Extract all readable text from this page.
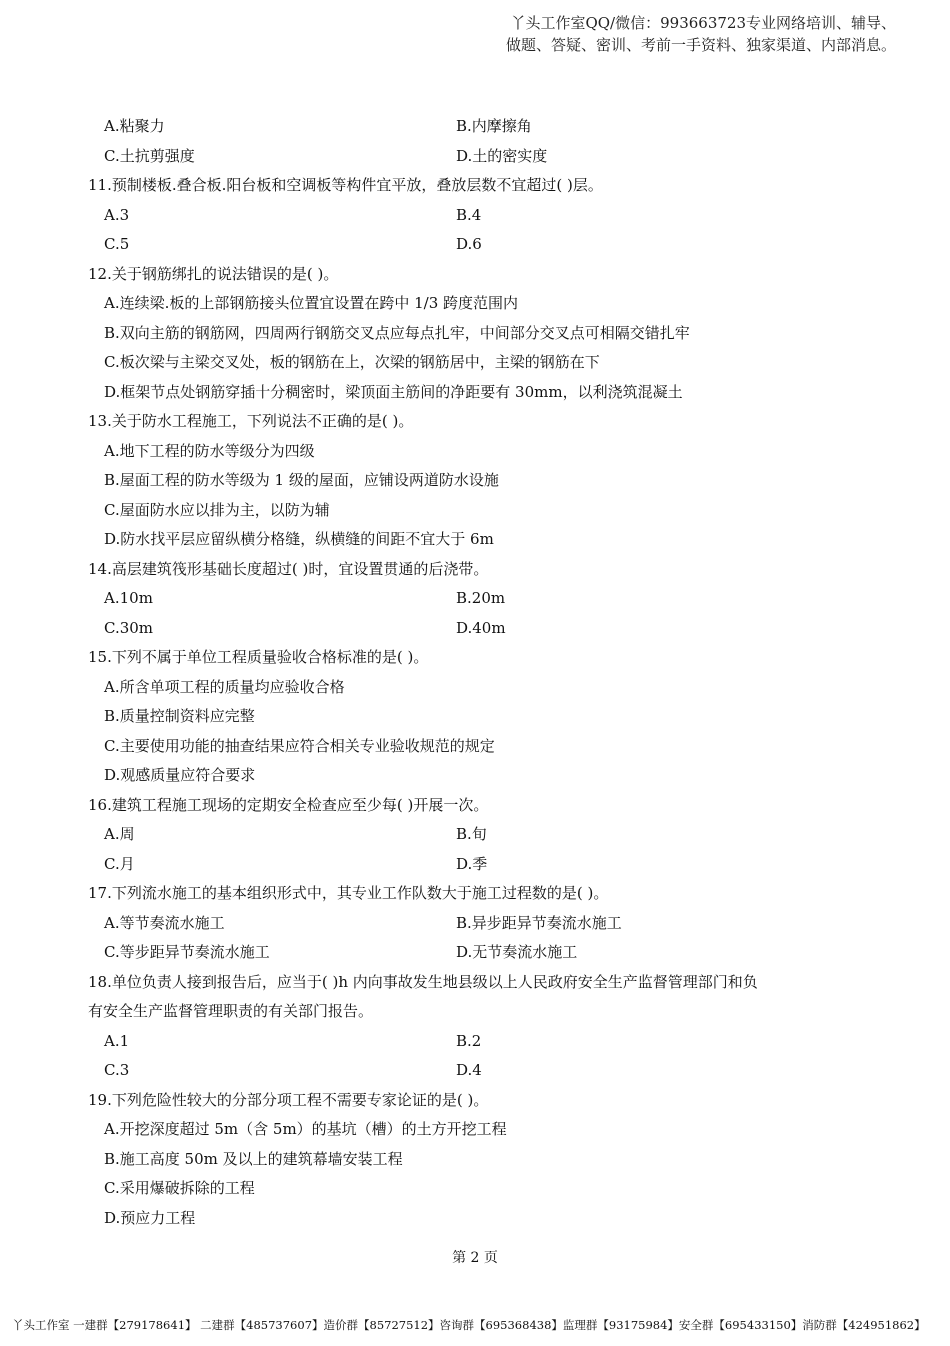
丫头工作室QQ/微信：993663723专业网络培训、辅导、
做题、答疑、密训、考前一手资料、独家渠道、内部消息。
A.粘聚力	B.内摩擦角
C.土抗剪强度	D.土的密实度
11.预制楼板.叠合板.阳台板和空调板等构件宜平放，叠放层数不宜超过( )层。
A.3	B.4
C.5	D.6
12.关于钢筋绑扎的说法错误的是( )。
A.连续梁.板的上部钢筋接头位置宜设置在跨中 1/3 跨度范围内
B.双向主筋的钢筋网，四周两行钢筋交叉点应每点扎牢，中间部分交叉点可相隔交错扎牢
C.板次梁与主梁交叉处，板的钢筋在上，次梁的钢筋居中，主梁的钢筋在下
D.框架节点处钢筋穿插十分稠密时，梁顶面主筋间的净距要有 30mm，以利浇筑混凝土
13.关于防水工程施工，下列说法不正确的是( )。
A.地下工程的防水等级分为四级
B.屋面工程的防水等级为 1 级的屋面，应铺设两道防水设施
C.屋面防水应以排为主，以防为辅
D.防水找平层应留纵横分格缝，纵横缝的间距不宜大于 6m
14.高层建筑筏形基础长度超过( )时，宜设置贯通的后浇带。
A.10m	B.20m
C.30m	D.40m
15.下列不属于单位工程质量验收合格标准的是( )。
A.所含单项工程的质量均应验收合格
B.质量控制资料应完整
C.主要使用功能的抽查结果应符合相关专业验收规范的规定
D.观感质量应符合要求
16.建筑工程施工现场的定期安全检查应至少每( )开展一次。
A.周	B.旬
C.月	D.季
17.下列流水施工的基本组织形式中，其专业工作队数大于施工过程数的是( )。
A.等节奏流水施工	B.异步距异节奏流水施工
C.等步距异节奏流水施工	D.无节奏流水施工
18.单位负责人接到报告后，应当于( )h 内向事故发生地县级以上人民政府安全生产监督管理部门和负
有安全生产监督管理职责的有关部门报告。
A.1	B.2
C.3	D.4
19.下列危险性较大的分部分项工程不需要专家论证的是( )。
A.开挖深度超过 5m（含 5m）的基坑（槽）的土方开挖工程
B.施工高度 50m 及以上的建筑幕墙安装工程
C.采用爆破拆除的工程
D.预应力工程
第 2 页
丫头工作室 一建群【279178641】 二建群【485737607】造价群【85727512】咨询群【695368438】监理群【93175984】安全群【695433150】消防群【424951862】
